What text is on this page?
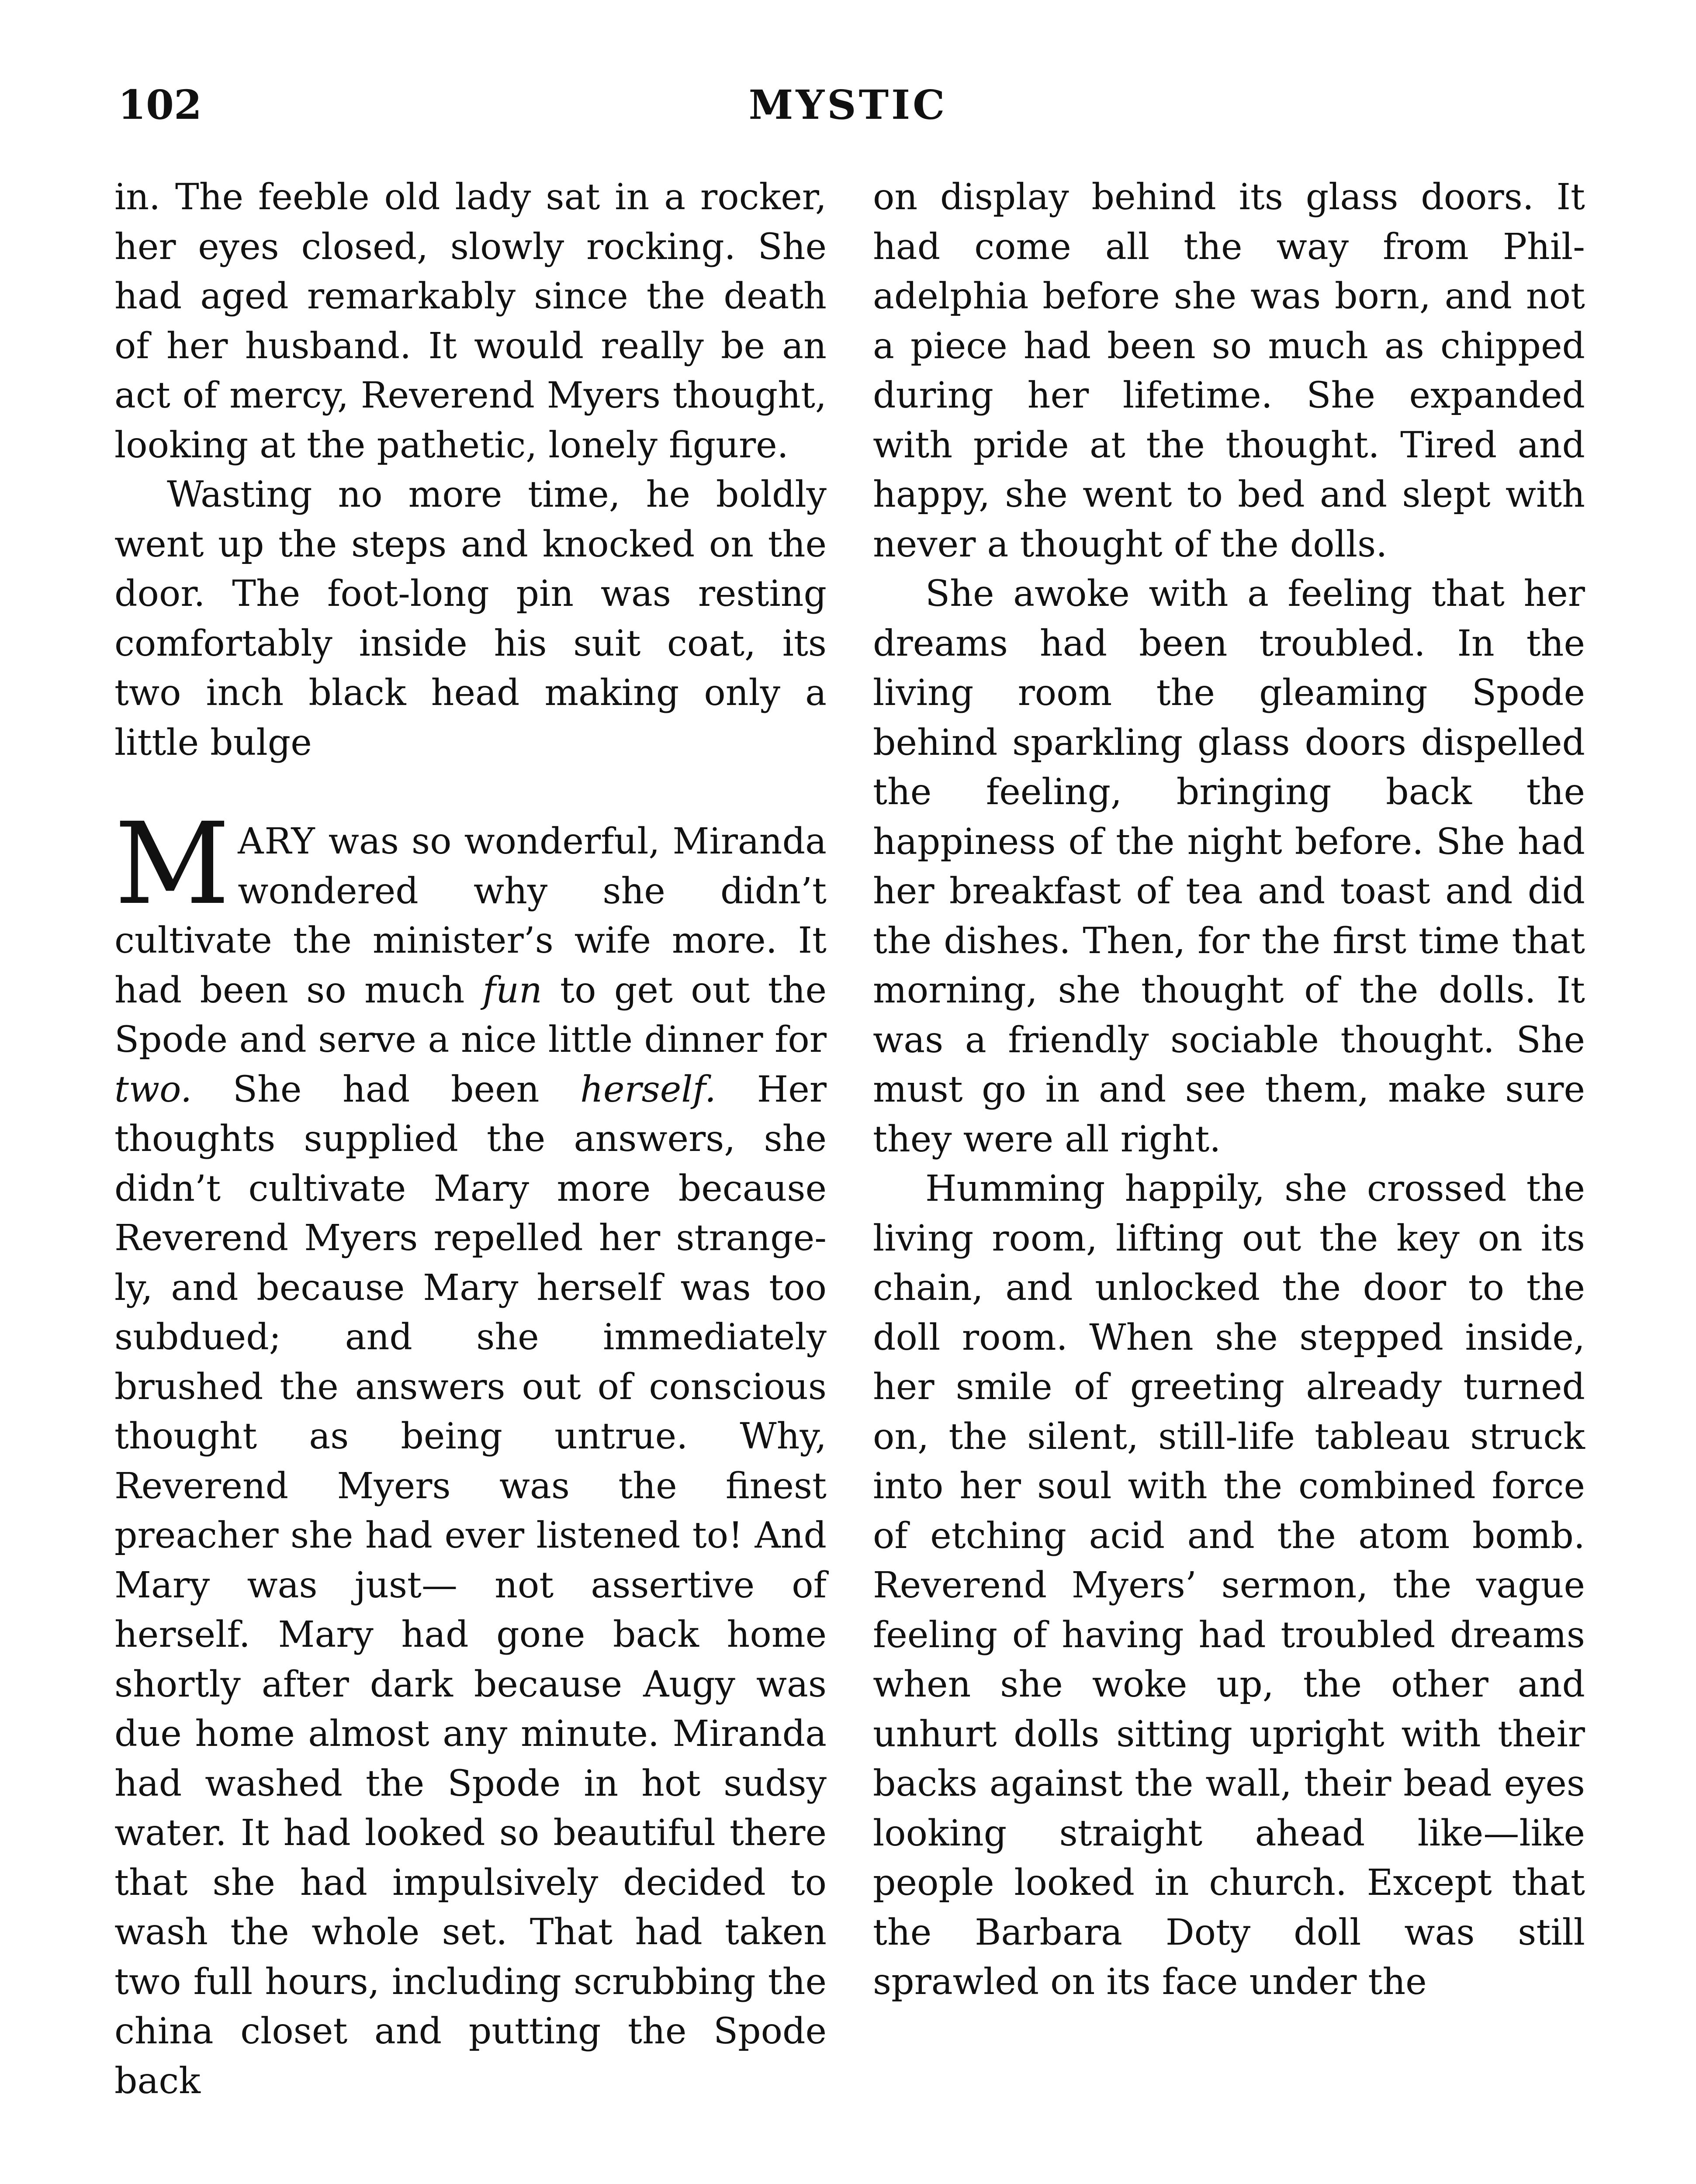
102	MYSTIC

in. The feeble old lady sat in a rocker, her eyes closed, slowly rocking. She had aged remarkably since the death of her husband. It would really be an act of mercy, Reverend Myers thought, looking at the pathetic, lonely figure.

Wasting no more time, he boldly went up the steps and knocked on the door. The foot-long pin was resting comfortably inside his suit coat, its two inch black head making only a little bulge

MARY was so wonderful, Miranda wondered why she didn’t cultivate the minister’s wife more. It had been so much fun to get out the Spode and serve a nice little dinner for two. She had been herself. Her thoughts supplied the answers, she didn’t cultivate Mary more because Reverend Myers repelled her strangely, and because Mary herself was too subdued; and she immediately brushed the answers out of conscious thought as being untrue. Why, Reverend Myers was the finest preacher she had ever listened to! And Mary was just— not assertive of herself. Mary had gone back home shortly after dark because Augy was due home almost any minute. Miranda had washed the Spode in hot sudsy water. It had looked so beautiful there that she had impulsively decided to wash the whole set. That had taken two full hours, including scrubbing the china closet and putting the Spode back

on display behind its glass doors. It had come all the way from Philadelphia before she was born, and not a piece had been so much as chipped during her lifetime. She expanded with pride at the thought. Tired and happy, she went to bed and slept with never a thought of the dolls.

She awoke with a feeling that her dreams had been troubled. In the living room the gleaming Spode behind sparkling glass doors dispelled the feeling, bringing back the happiness of the night before. She had her breakfast of tea and toast and did the dishes. Then, for the first time that morning, she thought of the dolls. It was a friendly sociable thought. She must go in and see them, make sure they were all right.

Humming happily, she crossed the living room, lifting out the key on its chain, and unlocked the door to the doll room. When she stepped inside, her smile of greeting already turned on, the silent, still-life tableau struck into her soul with the combined force of etching acid and the atom bomb. Reverend Myers’ sermon, the vague feeling of having had troubled dreams when she woke up, the other and unhurt dolls sitting upright with their backs against the wall, their bead eyes looking straight ahead like—like people looked in church. Except that the Barbara Doty doll was still sprawled on its face under the
